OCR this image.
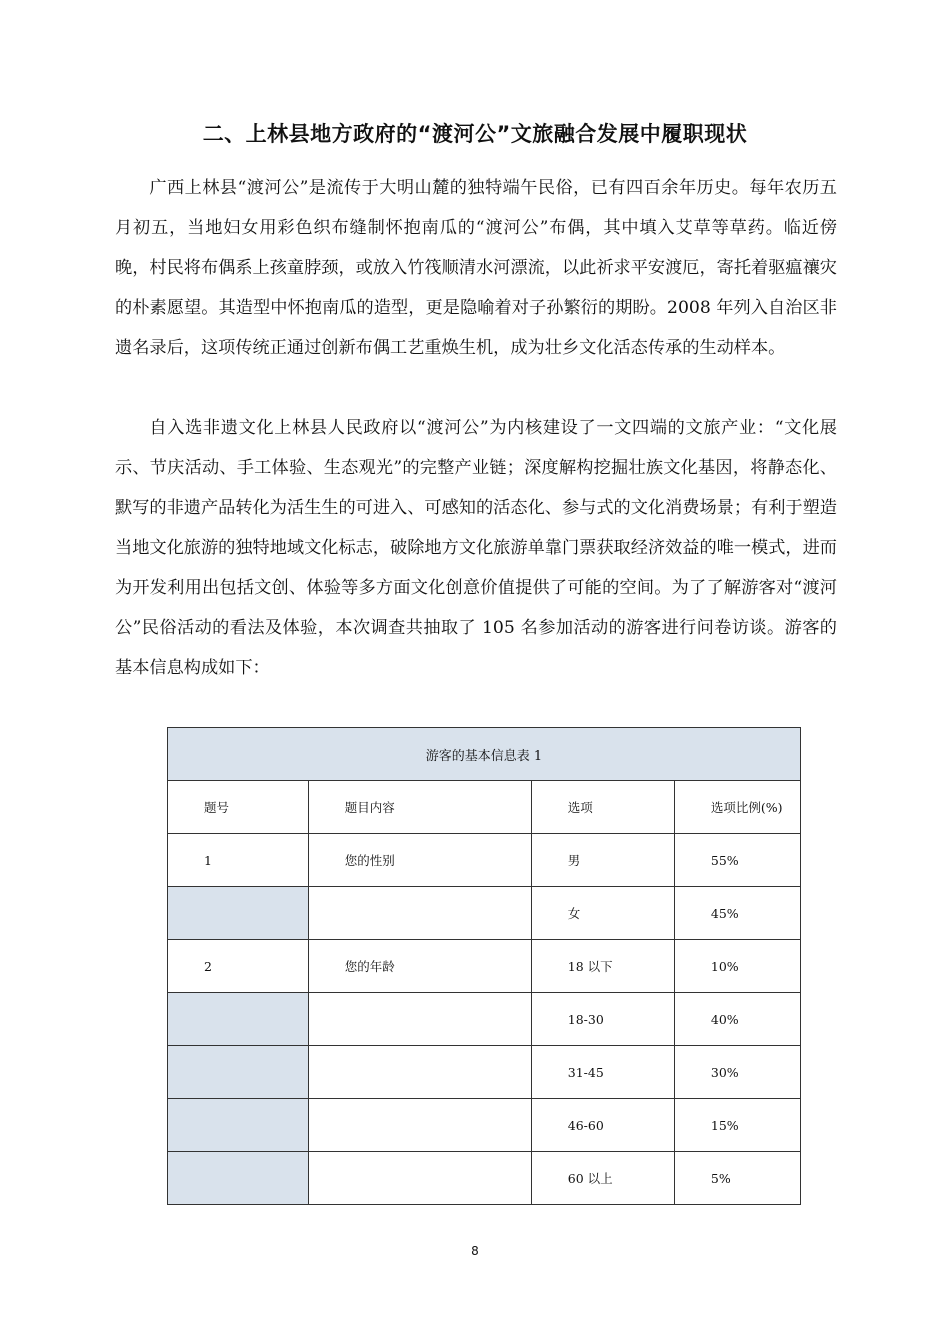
二、上林县地方政府的“渡河公”文旅融合发展中履职现状

广西上林县“渡河公”是流传于大明山麓的独特端午民俗，已有四百余年历史。每年农历五月初五，当地妇女用彩色织布缝制怀抱南瓜的“渡河公”布偶，其中填入艾草等草药。临近傍晚，村民将布偶系上孩童脖颈，或放入竹筏顺清水河漂流，以此祈求平安渡厄，寄托着驱瘟禳灾的朴素愿望。其造型中怀抱南瓜的造型，更是隐喻着对子孙繁衍的期盼。2008 年列入自治区非遗名录后，这项传统正通过创新布偶工艺重焕生机，成为壮乡文化活态传承的生动样本。

自入选非遗文化上林县人民政府以“渡河公”为内核建设了一文四端的文旅产业：“文化展示、节庆活动、手工体验、生态观光”的完整产业链；深度解构挖掘壮族文化基因，将静态化、默写的非遗产品转化为活生生的可进入、可感知的活态化、参与式的文化消费场景；有利于塑造当地文化旅游的独特地域文化标志，破除地方文化旅游单靠门票获取经济效益的唯一模式，进而为开发利用出包括文创、体验等多方面文化创意价值提供了可能的空间。为了了解游客对“渡河公”民俗活动的看法及体验，本次调查共抽取了 105 名参加活动的游客进行问卷访谈。游客的基本信息构成如下：

游客的基本信息表 1			
题号	题目内容	选项	选项比例(%)
1	您的性别	男	55%
		女	45%
2	您的年龄	18 以下	10%
		18-30	40%
		31-45	30%
		46-60	15%
		60 以上	5%
8
